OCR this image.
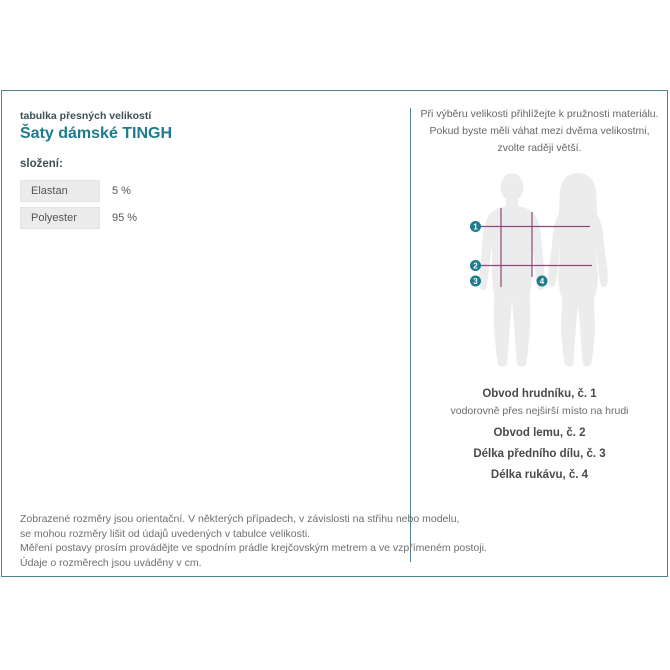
tabulka přesných velikostí
Šaty dámské TINGH
složení:
Elastan	5 %
Polyester	95 %
Zobrazené rozměry jsou orientační. V některých případech, v závislosti na střihu nebo modelu,
se mohou rozměry lišit od údajů uvedených v tabulce velikosti.
Měření postavy prosím provádějte ve spodním prádle krejčovským metrem a ve vzpřímeném postoji.
Údaje o rozměrech jsou uváděny v cm.
Při výběru velikosti přihlížejte k pružnosti materiálu.
Pokud byste měli váhat mezi dvěma velikostmi,
zvolte raději větší.
1
2
3	4
Obvod hrudníku, č. 1
vodorovně přes nejširší místo na hrudi
Obvod lemu, č. 2
Délka předního dílu, č. 3
Délka rukávu, č. 4
